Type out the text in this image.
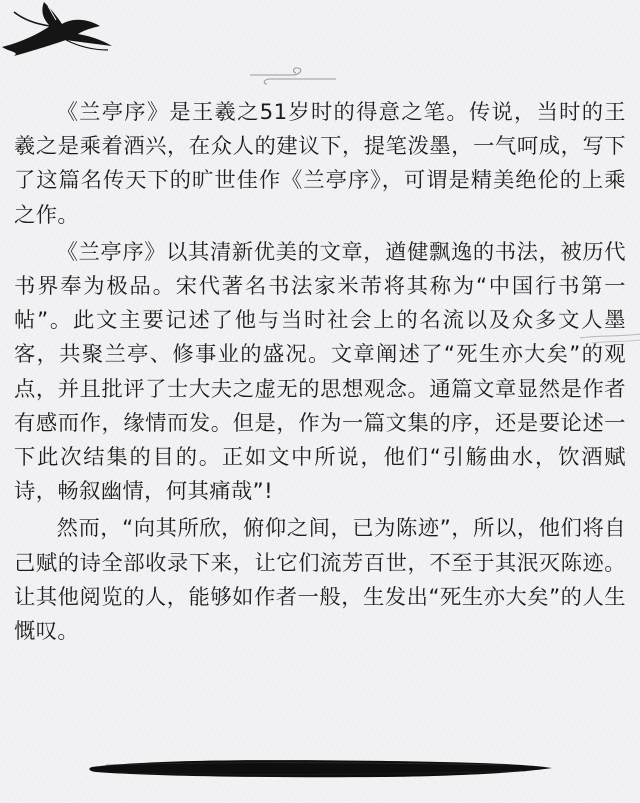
《兰亭序》是王羲之51岁时的得意之笔。传说，当时的王羲之是乘着酒兴，在众人的建议下，提笔泼墨，一气呵成，写下了这篇名传天下的旷世佳作《兰亭序》，可谓是精美绝伦的上乘之作。

《兰亭序》以其清新优美的文章，遒健飘逸的书法，被历代书界奉为极品。宋代著名书法家米芾将其称为“中国行书第一帖”。此文主要记述了他与当时社会上的名流以及众多文人墨客，共聚兰亭、修事业的盛况。文章阐述了“死生亦大矣”的观点，并且批评了士大夫之虚无的思想观念。通篇文章显然是作者有感而作，缘情而发。但是，作为一篇文集的序，还是要论述一下此次结集的目的。正如文中所说，他们“引觞曲水，饮酒赋诗，畅叙幽情，何其痛哉”!

然而，“向其所欣，俯仰之间，已为陈迹”，所以，他们将自己赋的诗全部收录下来，让它们流芳百世，不至于其泯灭陈迹。让其他阅览的人，能够如作者一般，生发出“死生亦大矣”的人生慨叹。
